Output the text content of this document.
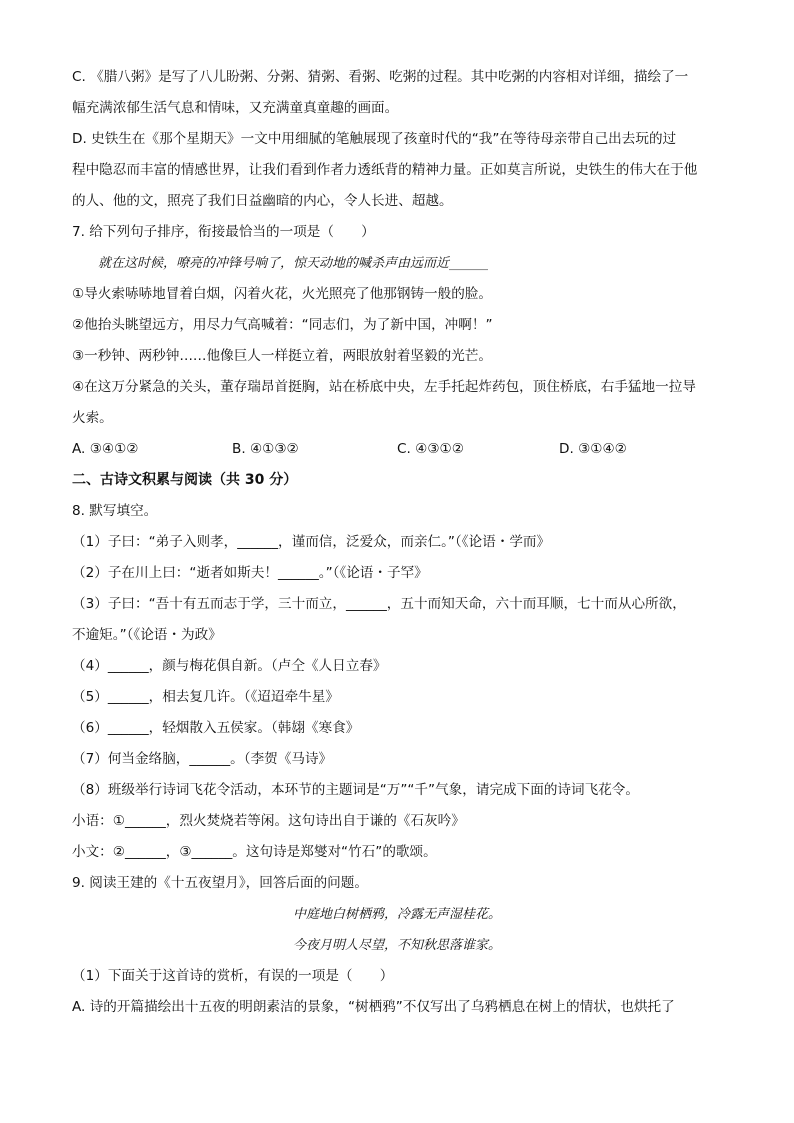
C. 《腊八粥》是写了八儿盼粥、分粥、猜粥、看粥、吃粥的过程。其中吃粥的内容相对详细，描绘了一

幅充满浓郁生活气息和情味，又充满童真童趣的画面。

D. 史铁生在《那个星期天》一文中用细腻的笔触展现了孩童时代的“我”在等待母亲带自己出去玩的过

程中隐忍而丰富的情感世界，让我们看到作者力透纸背的精神力量。正如莫言所说，史铁生的伟大在于他

的人、他的文，照亮了我们日益幽暗的内心，令人长进、超越。

7. 给下列句子排序，衔接最恰当的一项是（　　）

就在这时候，嘹亮的冲锋号响了，惊天动地的喊杀声由远而近______

①导火索哧哧地冒着白烟，闪着火花，火光照亮了他那钢铸一般的脸。

②他抬头眺望远方，用尽力气高喊着：“同志们，为了新中国，冲啊！”

③一秒钟、两秒钟……他像巨人一样挺立着，两眼放射着坚毅的光芒。

④在这万分紧急的关头，董存瑞昂首挺胸，站在桥底中央，左手托起炸药包，顶住桥底，右手猛地一拉导

火索。

A. ③④①②	B. ④①③②	C. ④③①②	D. ③①④②

二、古诗文积累与阅读（共 30 分）

8. 默写填空。

（1）子曰：“弟子入则孝，______，谨而信，泛爱众，而亲仁。”（《论语・学而》

（2）子在川上曰：“逝者如斯夫！______。”（《论语・子罕》

（3）子曰：“吾十有五而志于学，三十而立，______，五十而知天命，六十而耳顺，七十而从心所欲，

不逾矩。”（《论语・为政》

（4）______，颜与梅花俱自新。（卢仝《人日立春》

（5）______，相去复几许。（《迢迢牵牛星》

（6）______，轻烟散入五侯家。（韩翃《寒食》

（7）何当金络脑，______。（李贺《马诗》

（8）班级举行诗词飞花令活动，本环节的主题词是“万”“千”气象，请完成下面的诗词飞花令。

小语：①______，烈火焚烧若等闲。这句诗出自于谦的《石灰吟》

小文：②______，③______。这句诗是郑燮对“竹石”的歌颂。

9. 阅读王建的《十五夜望月》，回答后面的问题。

中庭地白树栖鸦，冷露无声湿桂花。

今夜月明人尽望，不知秋思落谁家。

（1）下面关于这首诗的赏析，有误的一项是（　　）

A. 诗的开篇描绘出十五夜的明朗素洁的景象，“树栖鸦”不仅写出了乌鸦栖息在树上的情状，也烘托了
